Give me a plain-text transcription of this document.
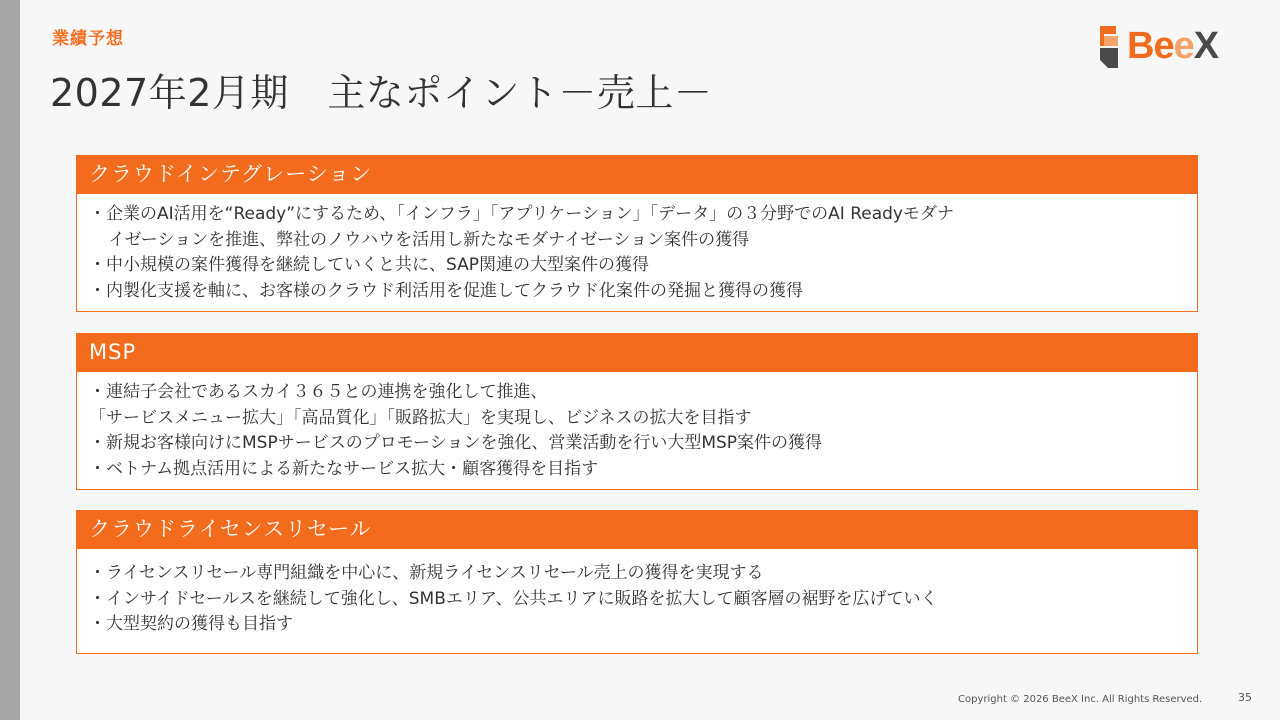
業績予想
2027年2月期　主なポイント－売上－
BeeX
クラウドインテグレーション
・企業のAI活用を“Ready”にするため、「インフラ」「アプリケーション」「データ」の３分野でのAI Readyモダナ
イゼーションを推進、弊社のノウハウを活用し新たなモダナイゼーション案件の獲得
・中小規模の案件獲得を継続していくと共に、SAP関連の大型案件の獲得
・内製化支援を軸に、お客様のクラウド利活用を促進してクラウド化案件の発掘と獲得の獲得
MSP
・連結子会社であるスカイ３６５との連携を強化して推進、
「サービスメニュー拡大」「高品質化」「販路拡大」を実現し、ビジネスの拡大を目指す
・新規お客様向けにMSPサービスのプロモーションを強化、営業活動を行い大型MSP案件の獲得
・ベトナム拠点活用による新たなサービス拡大・顧客獲得を目指す
クラウドライセンスリセール
・ライセンスリセール専門組織を中心に、新規ライセンスリセール売上の獲得を実現する
・インサイドセールスを継続して強化し、SMBエリア、公共エリアに販路を拡大して顧客層の裾野を広げていく
・大型契約の獲得も目指す
Copyright © 2026 BeeX Inc. All Rights Reserved.	35
